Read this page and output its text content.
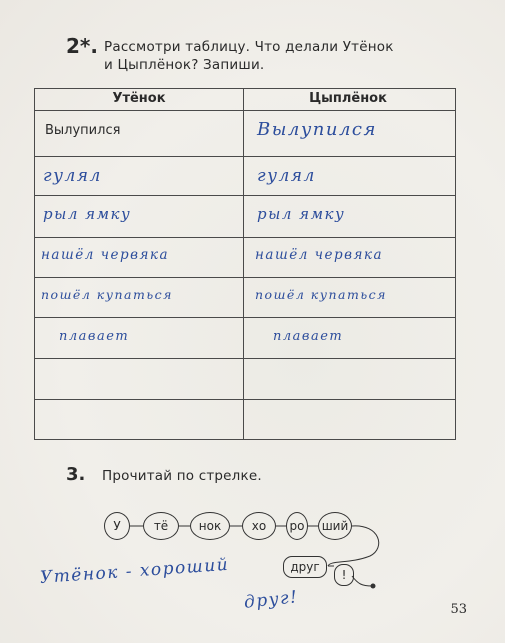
2*. Рассмотри таблицу. Что делали Утёнок
и Цыплёнок? Запиши.
Утёнок	Цыплёнок
Вылупился	Вылупился
гулял	гулял
рыл ямку	рыл ямку
нашёл червяка	нашёл червяка
пошёл купаться	пошёл купаться
плавает	плавает
3. Прочитай по стрелке.
У	тё	нок	хо	ро	ший
друг
!
Утёнок - хороший
друг!	53
